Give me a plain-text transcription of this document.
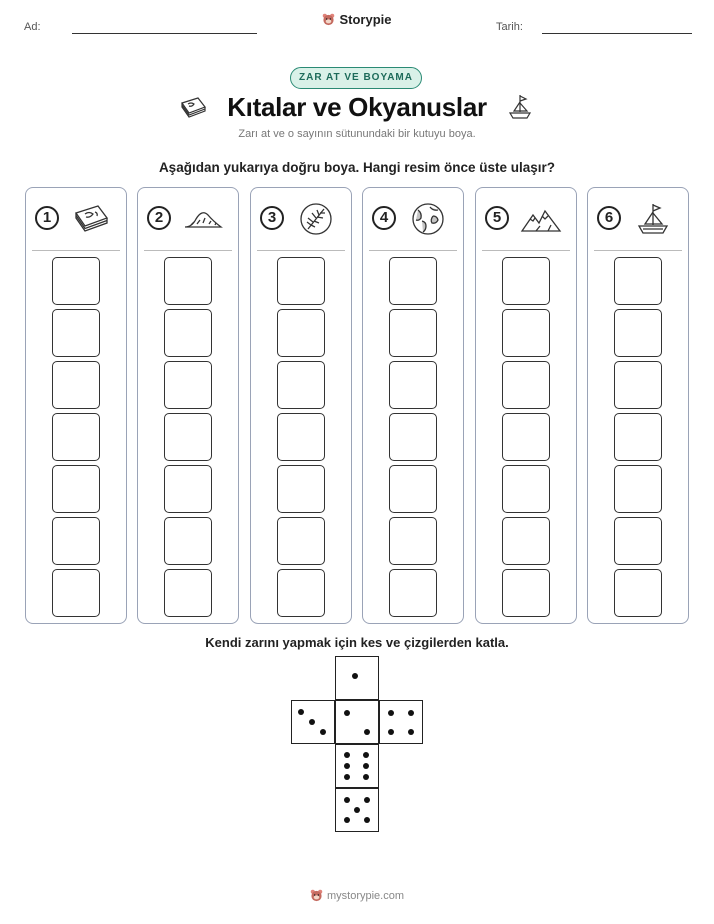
Ad:	Tarih:
Storypie
ZAR AT VE BOYAMA
Kıtalar ve Okyanuslar
Zarı at ve o sayının sütunundaki bir kutuyu boya.
Aşağıdan yukarıya doğru boya. Hangi resim önce üste ulaşır?
1	2	3	4	5	6
Kendi zarını yapmak için kes ve çizgilerden katla.
mystorypie.com
